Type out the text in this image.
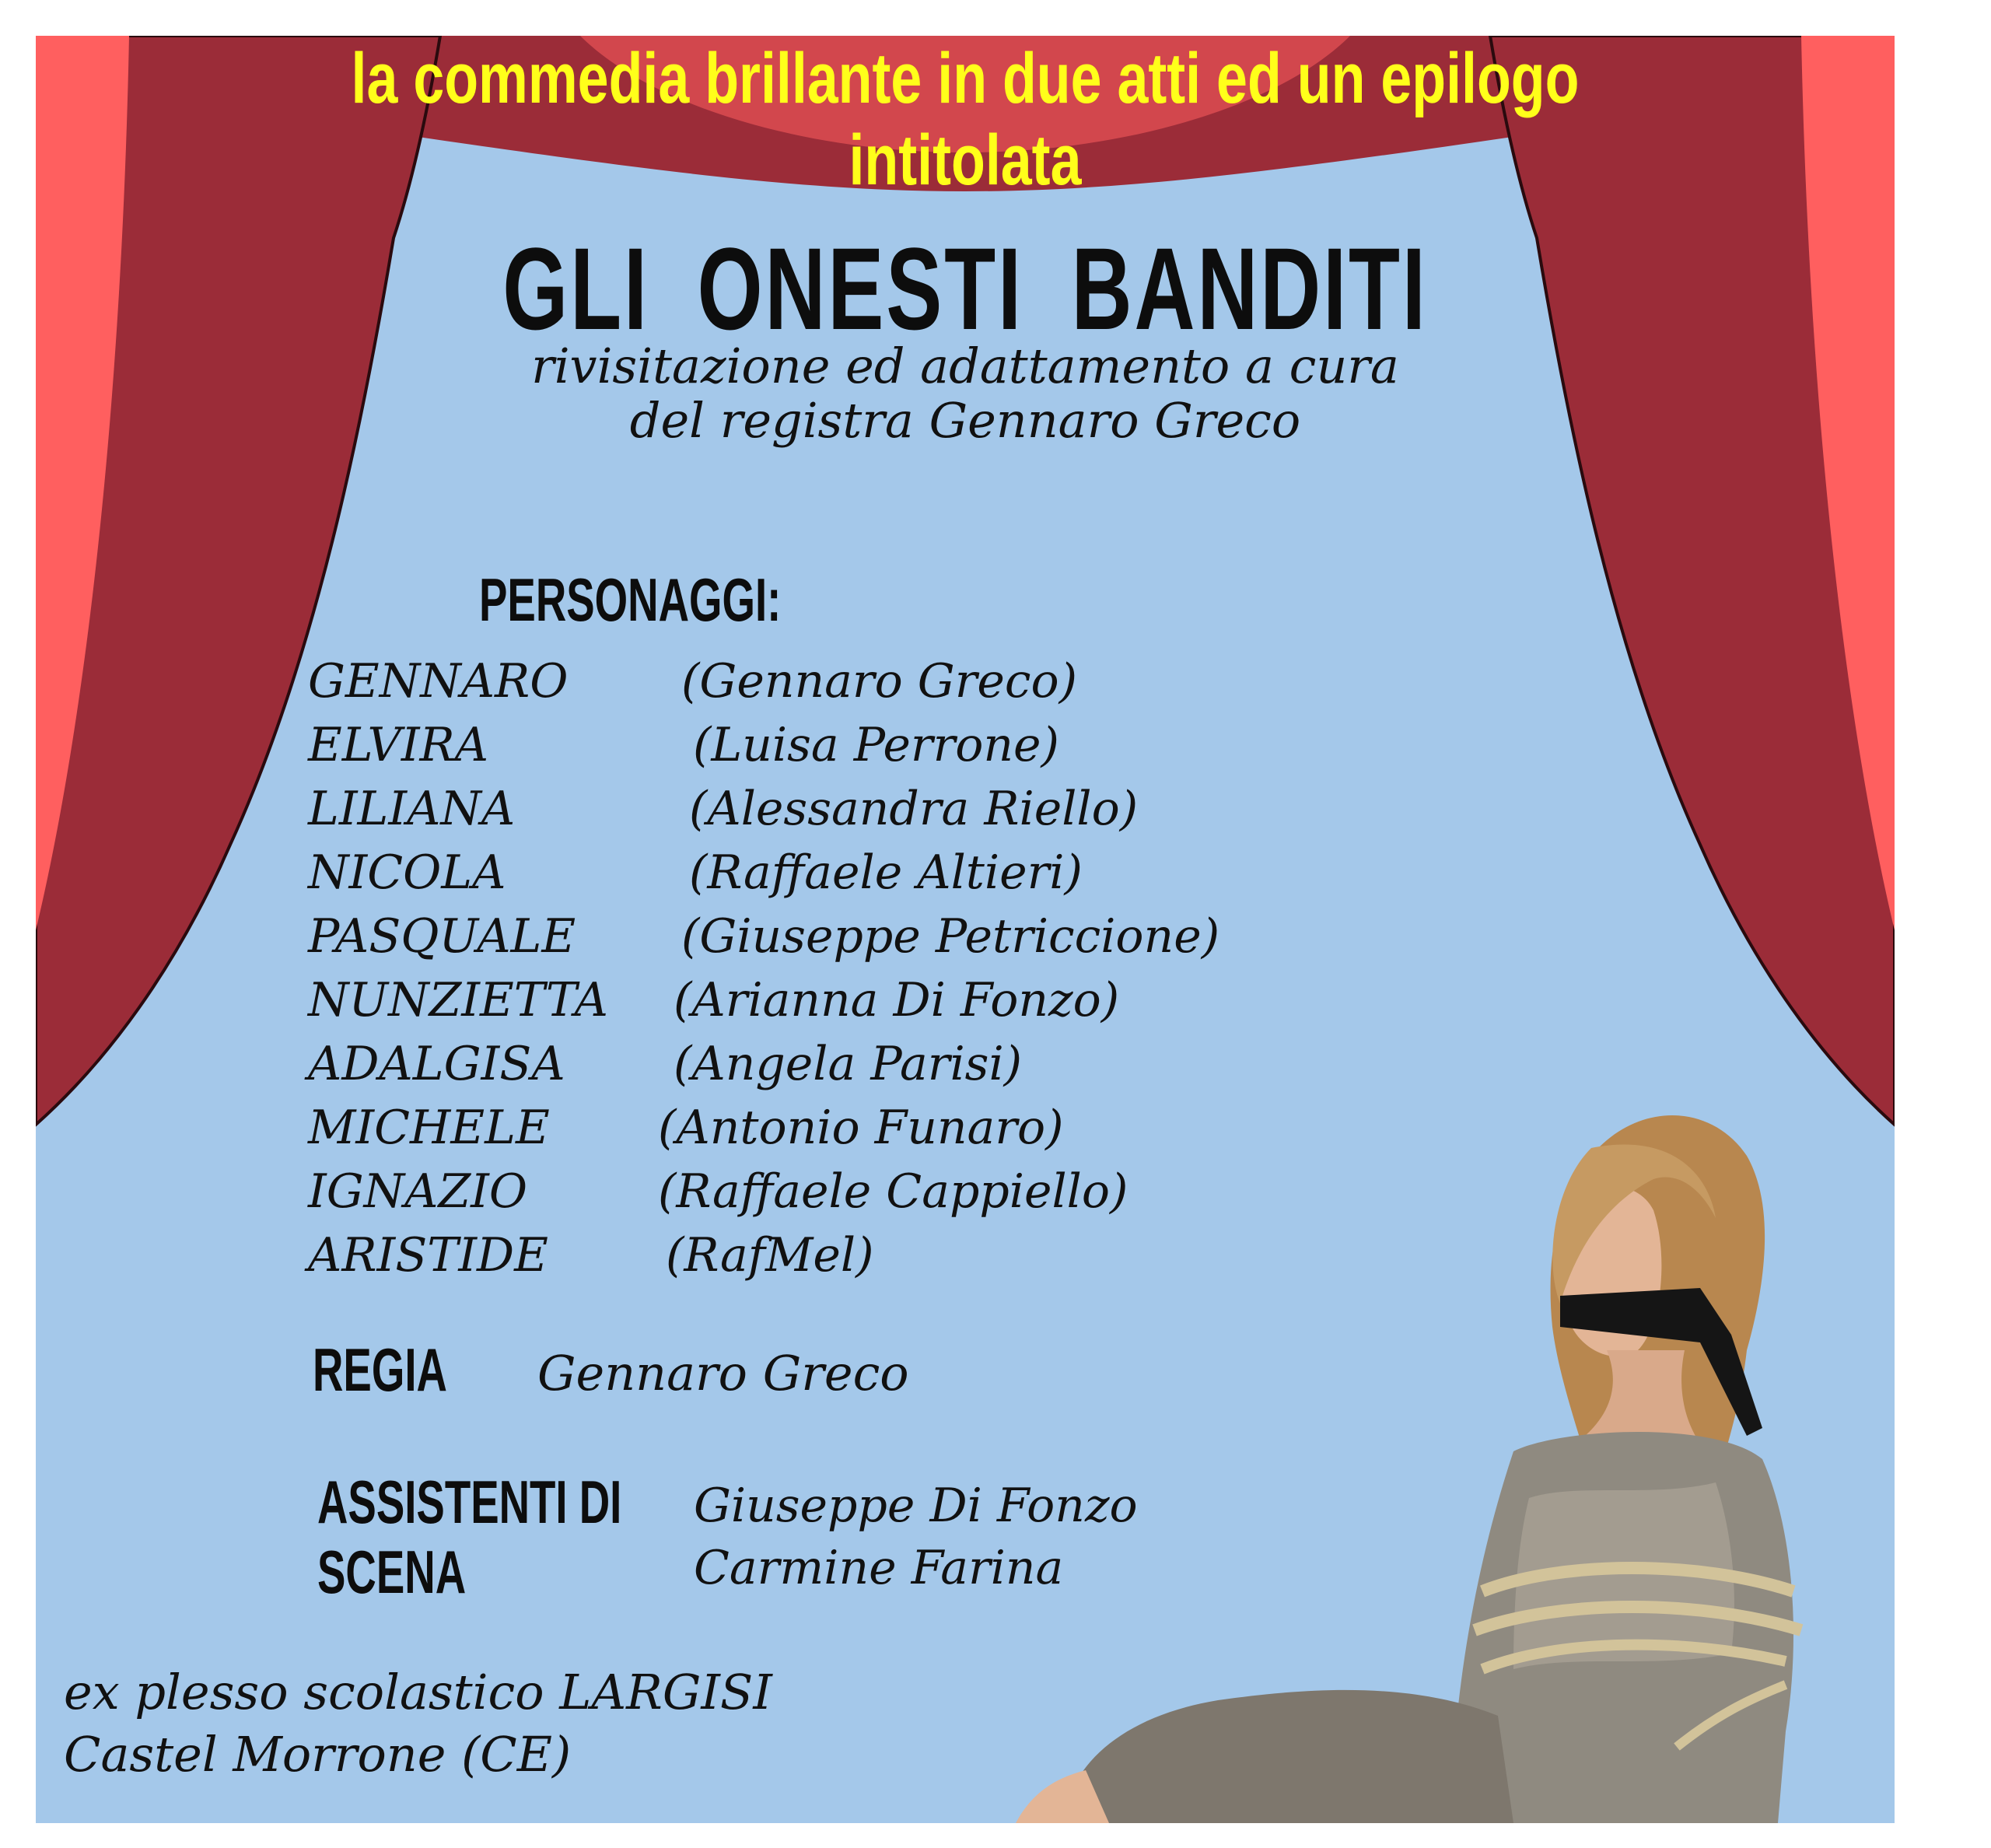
la commedia brillante in due atti ed un epilogo
intitolata
GLI ONESTI BANDITI
rivisitazione ed adattamento a cura
del registra Gennaro Greco
PERSONAGGI:
GENNARO (Gennaro Greco)
ELVIRA	(Luisa Perrone)
LILIANA	(Alessandra Riello)
NICOLA	(Raffaele Altieri)
PASQUALE (Giuseppe Petriccione)
NUNZIETTA (Arianna Di Fonzo)
ADALGISA (Angela Parisi)
MICHELE (Antonio Funaro)
IGNAZIO	(Raffaele Cappiello)
ARISTIDE	(RafMel)
REGIA Gennaro Greco
ASSISTENTI DI
SCENA
Giuseppe Di Fonzo
Carmine Farina
ex plesso scolastico LARGISI
Castel Morrone (CE)
